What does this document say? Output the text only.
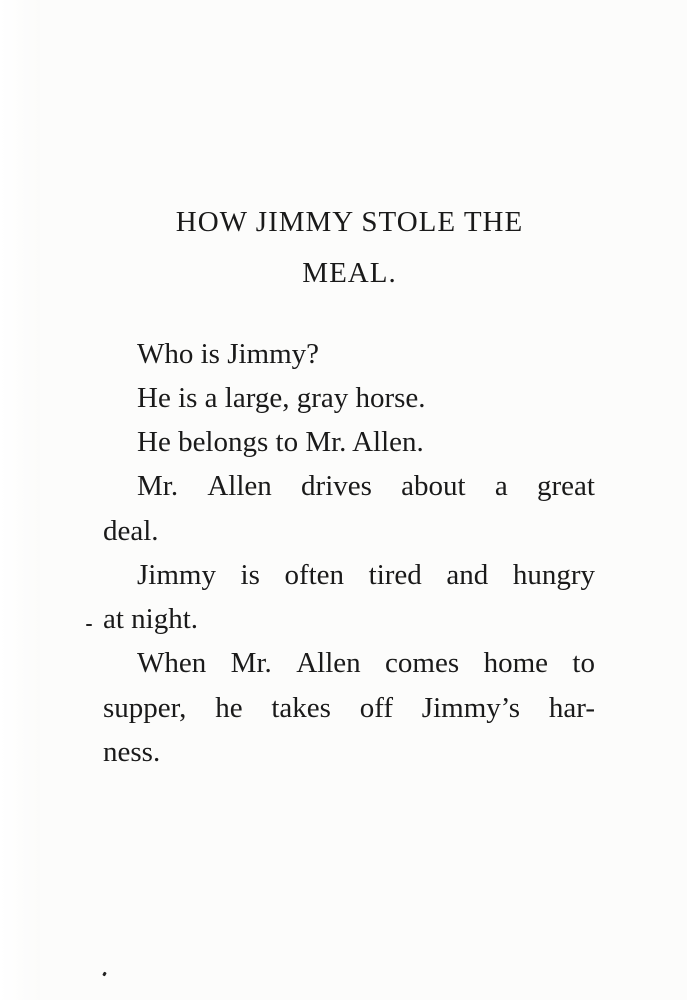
HOW JIMMY STOLE THE
MEAL.
Who is Jimmy?
He is a large, gray horse.
He belongs to Mr. Allen.
Mr. Allen drives about a great
deal.
Jimmy is often tired and hungry
at night.
When Mr. Allen comes home to
supper, he takes off Jimmy’s har-
ness.
